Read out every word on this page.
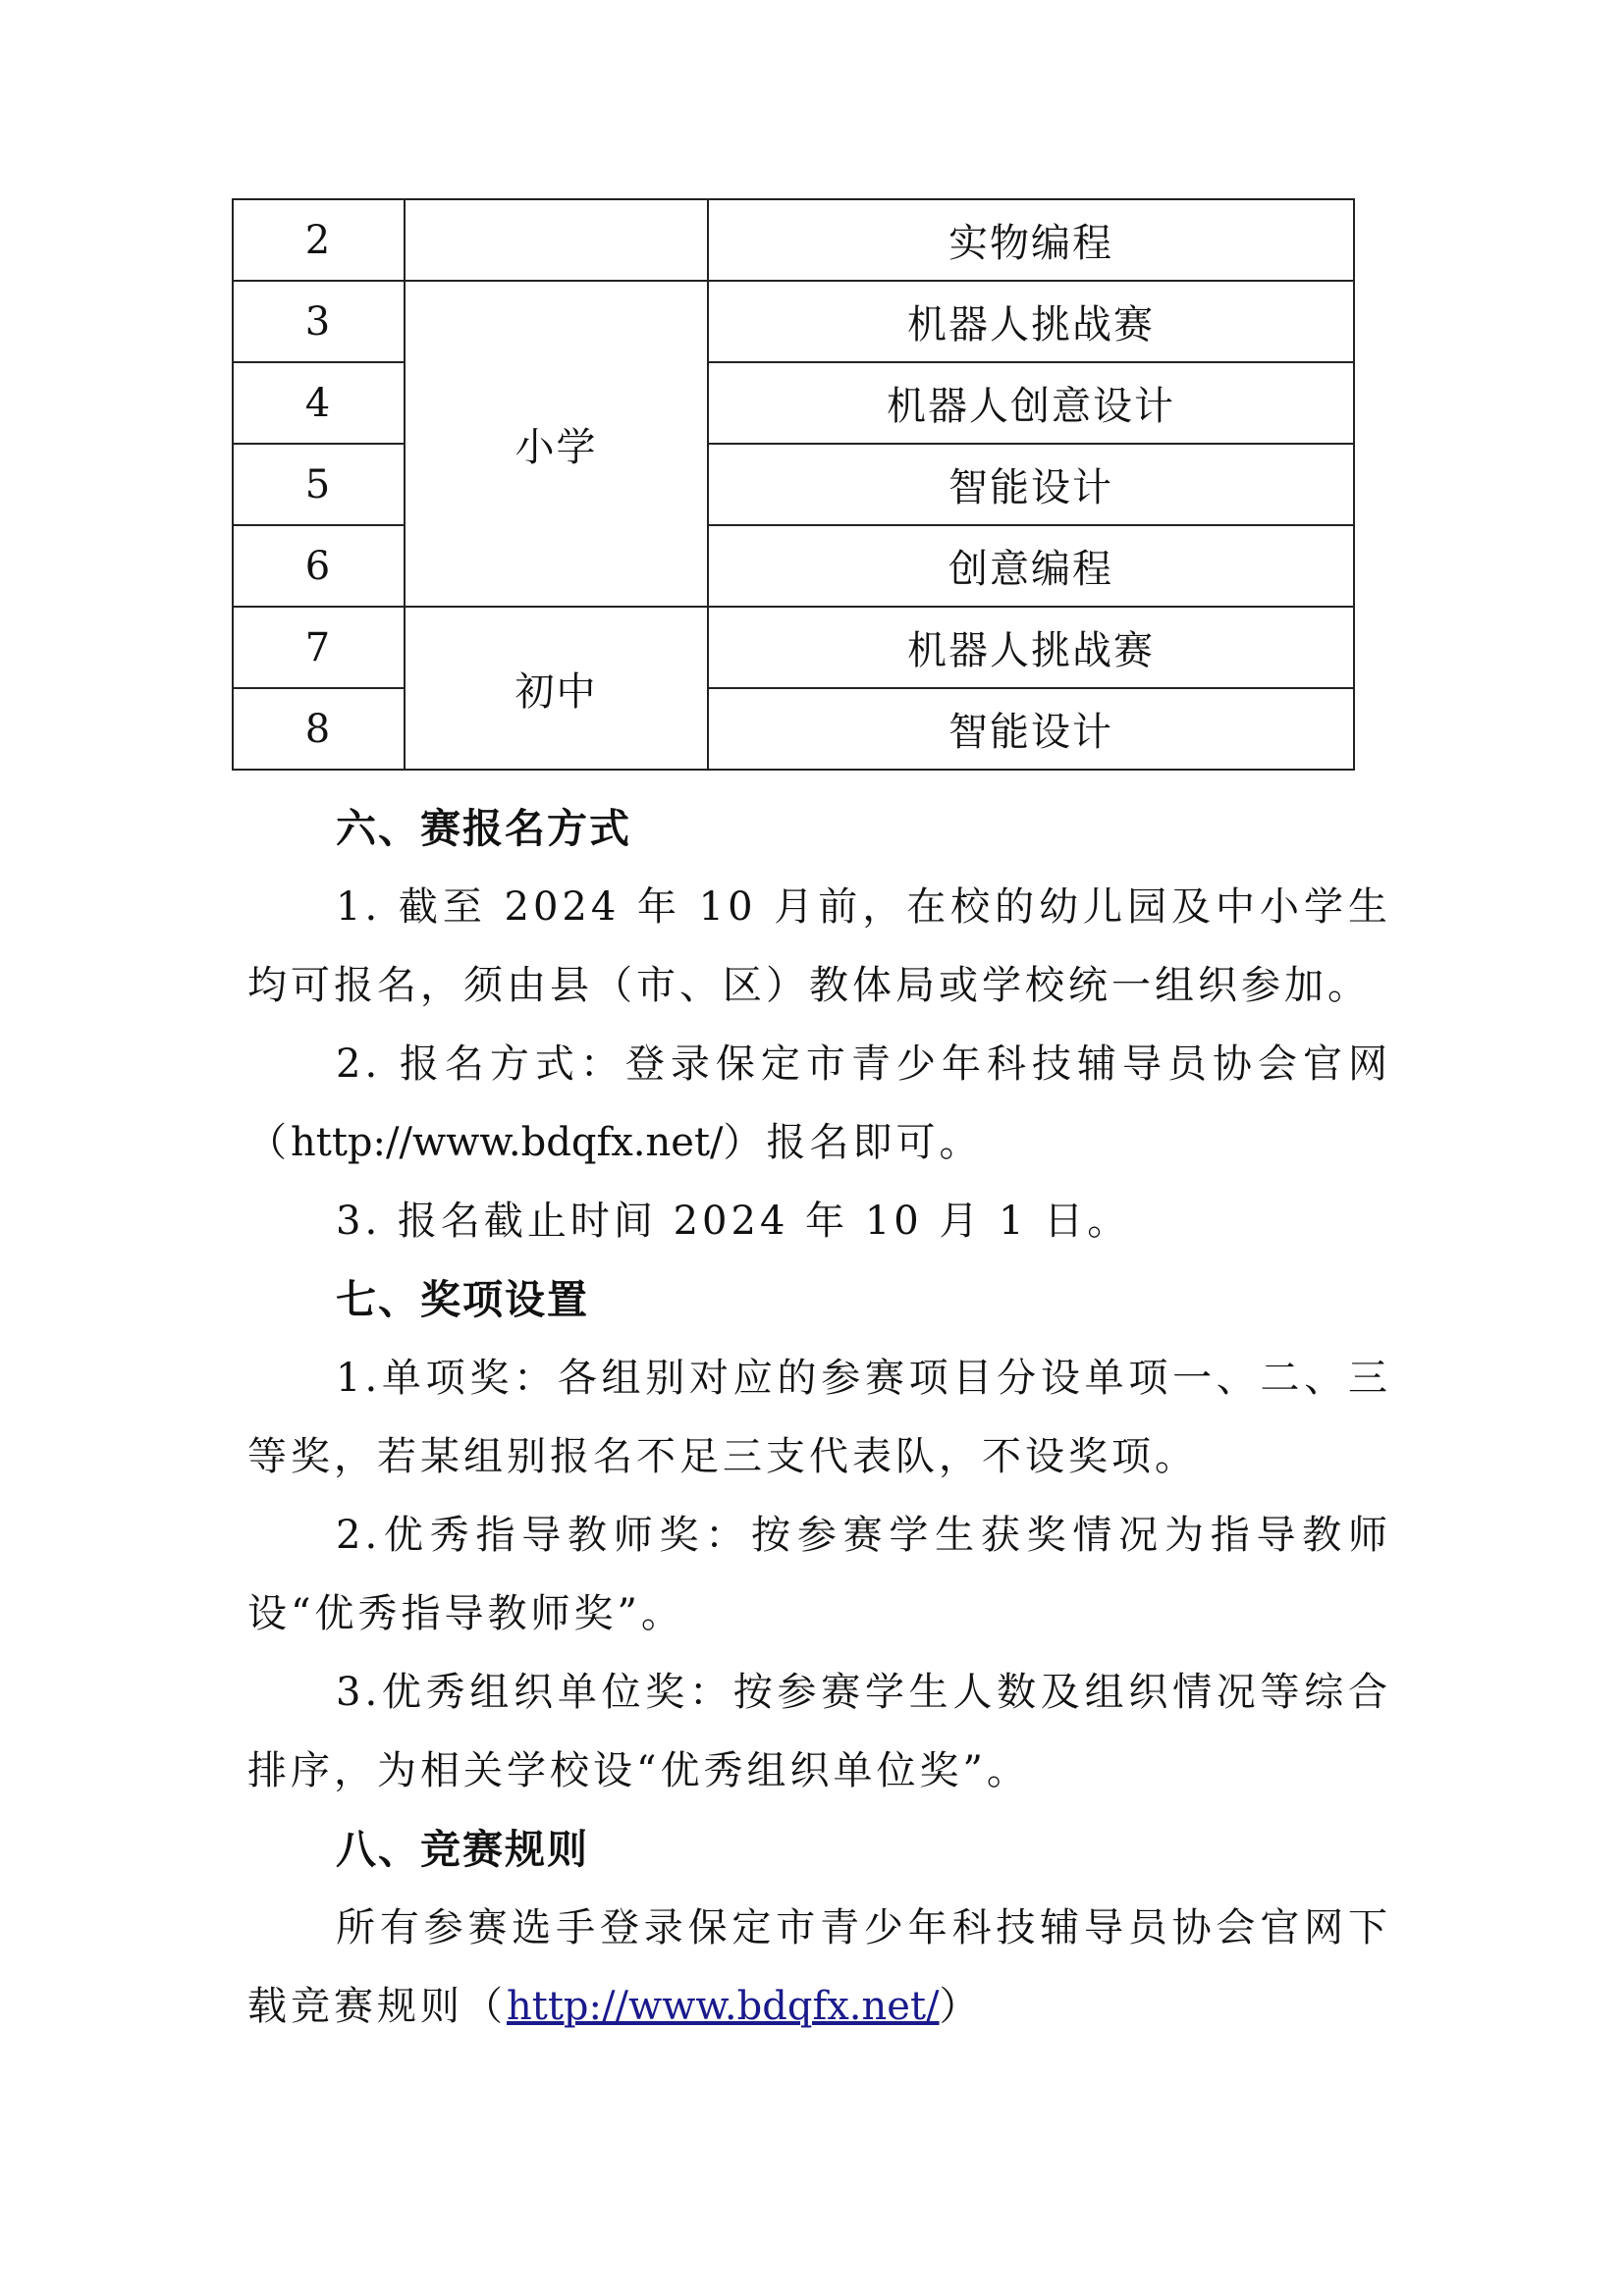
2		实物编程
3	小学	机器人挑战赛
4		机器人创意设计
5		智能设计
6		创意编程
7	初中	机器人挑战赛
8		智能设计
六、赛报名方式

1. 截至 2024 年 10 月前，在校的幼儿园及中小学生均可报名，须由县（市、区）教体局或学校统一组织参加。

2. 报名方式：登录保定市青少年科技辅导员协会官网（http://www.bdqfx.net/）报名即可。

3. 报名截止时间 2024 年 10 月 1 日。

七、奖项设置

1.单项奖：各组别对应的参赛项目分设单项一、二、三等奖，若某组别报名不足三支代表队，不设奖项。

2.优秀指导教师奖：按参赛学生获奖情况为指导教师设“优秀指导教师奖”。

3.优秀组织单位奖：按参赛学生人数及组织情况等综合排序，为相关学校设“优秀组织单位奖”。

八、竞赛规则

所有参赛选手登录保定市青少年科技辅导员协会官网下载竞赛规则（http://www.bdqfx.net/）
